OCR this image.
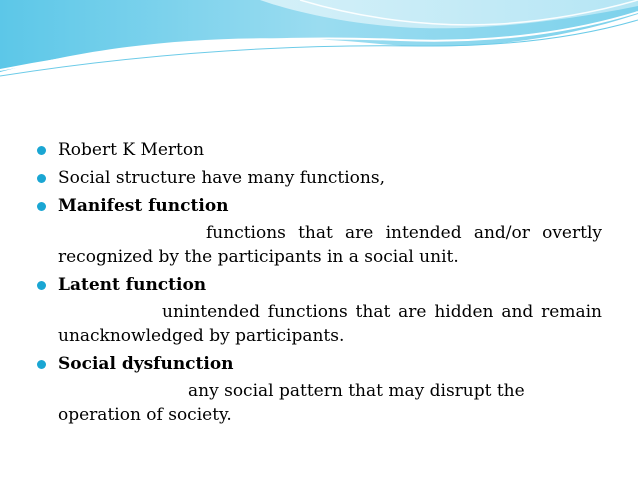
Robert K Merton
Social structure have many functions,
Manifest function
functions that are intended and/or overtly recognized by the participants in a social unit.
Latent function
unintended functions that are hidden and remain unacknowledged by participants.
Social dysfunction
any social pattern that may disrupt the operation of society.
